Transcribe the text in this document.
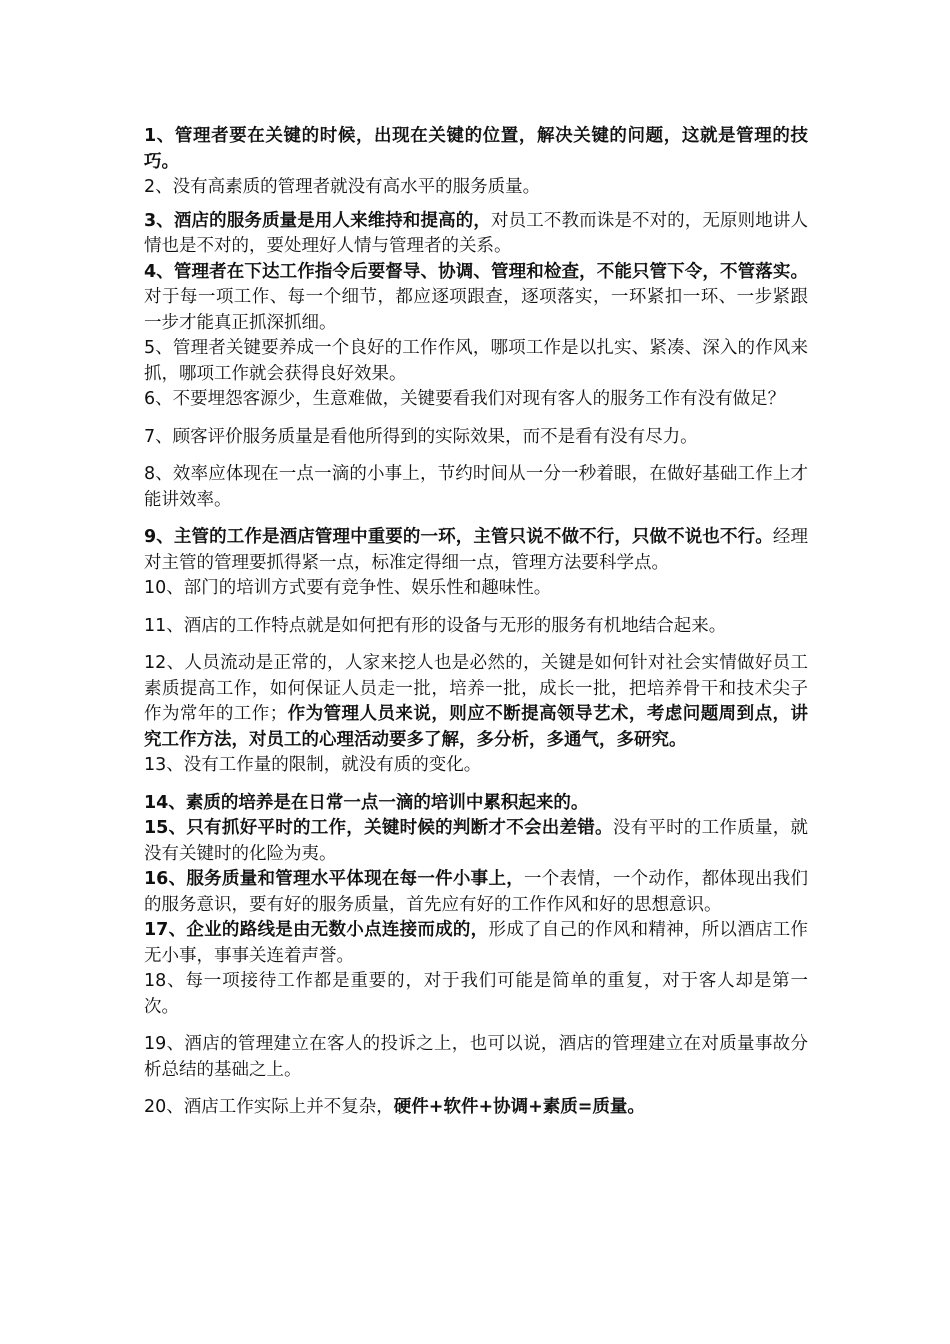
1、管理者要在关键的时候，出现在关键的位置，解决关键的问题，这就是管理的技巧。

2、没有高素质的管理者就没有高水平的服务质量。

3、酒店的服务质量是用人来维持和提高的，对员工不教而诛是不对的，无原则地讲人情也是不对的，要处理好人情与管理者的关系。

4、管理者在下达工作指令后要督导、协调、管理和检查，不能只管下令，不管落实。对于每一项工作、每一个细节，都应逐项跟查，逐项落实，一环紧扣一环、一步紧跟一步才能真正抓深抓细。

5、管理者关键要养成一个良好的工作作风，哪项工作是以扎实、紧凑、深入的作风来抓，哪项工作就会获得良好效果。

6、不要埋怨客源少，生意难做，关键要看我们对现有客人的服务工作有没有做足？

7、顾客评价服务质量是看他所得到的实际效果，而不是看有没有尽力。

8、效率应体现在一点一滴的小事上，节约时间从一分一秒着眼，在做好基础工作上才能讲效率。

9、主管的工作是酒店管理中重要的一环，主管只说不做不行，只做不说也不行。经理对主管的管理要抓得紧一点，标准定得细一点，管理方法要科学点。

10、部门的培训方式要有竞争性、娱乐性和趣味性。

11、酒店的工作特点就是如何把有形的设备与无形的服务有机地结合起来。

12、人员流动是正常的，人家来挖人也是必然的，关键是如何针对社会实情做好员工素质提高工作，如何保证人员走一批，培养一批，成长一批，把培养骨干和技术尖子作为常年的工作；作为管理人员来说，则应不断提高领导艺术，考虑问题周到点，讲究工作方法，对员工的心理活动要多了解，多分析，多通气，多研究。

13、没有工作量的限制，就没有质的变化。

14、素质的培养是在日常一点一滴的培训中累积起来的。

15、只有抓好平时的工作，关键时候的判断才不会出差错。没有平时的工作质量，就没有关键时的化险为夷。

16、服务质量和管理水平体现在每一件小事上，一个表情，一个动作，都体现出我们的服务意识，要有好的服务质量，首先应有好的工作作风和好的思想意识。

17、企业的路线是由无数小点连接而成的，形成了自己的作风和精神，所以酒店工作无小事，事事关连着声誉。

18、每一项接待工作都是重要的，对于我们可能是简单的重复，对于客人却是第一次。

19、酒店的管理建立在客人的投诉之上，也可以说，酒店的管理建立在对质量事故分析总结的基础之上。

20、酒店工作实际上并不复杂，硬件+软件+协调+素质=质量。
